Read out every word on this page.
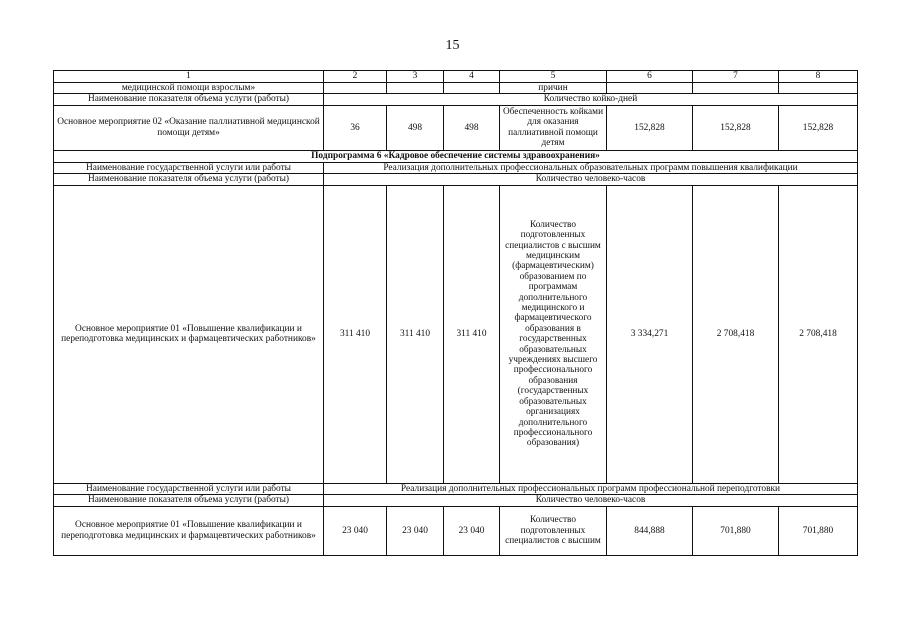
15
1	2	3	4	5	6	7	8
медицинской помощи взрослым»				причин			
Наименование показателя объема услуги (работы)	Количество койко-дней						
Основное мероприятие 02 «Оказание паллиативной медицинской помощи детям»	36	498	498	Обеспеченность койками для оказания паллиативной помощи детям	152,828	152,828	152,828
Подпрограмма 6 «Кадровое обеспечение системы здравоохранения»							
Наименование государственной услуги или работы	Реализация дополнительных профессиональных образовательных программ повышения квалификации						
Наименование показателя объема услуги (работы)	Количество человеко-часов						
Основное мероприятие 01 «Повышение квалификации и переподготовка медицинских и фармацевтических работников»	311 410	311 410	311 410	Количество подготовленных специалистов с высшим медицинским (фармацевтическим) образованием по программам дополнительного медицинского и фармацевтического образования в государственных образовательных учреждениях высшего профессионального образования (государственных образовательных организациях дополнительного профессионального образования)	3 334,271	2 708,418	2 708,418
Наименование государственной услуги или работы	Реализация дополнительных профессиональных программ профессиональной переподготовки						
Наименование показателя объема услуги (работы)	Количество человеко-часов						
Основное мероприятие 01 «Повышение квалификации и переподготовка медицинских и фармацевтических работников»	23 040	23 040	23 040	Количество подготовленных специалистов с высшим	844,888	701,880	701,880
